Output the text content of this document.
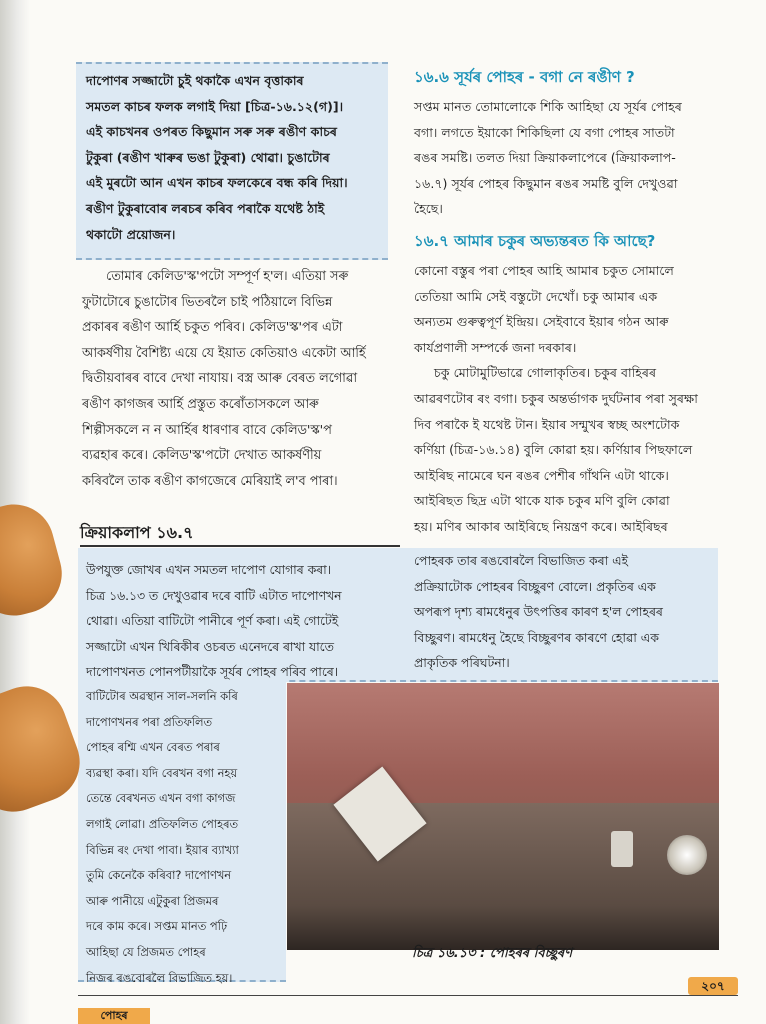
দাপোণৰ সজ্জাটো চুই থকাকৈ এখন বৃত্তাকাৰ

সমতল কাচৰ ফলক লগাই দিয়া [চিত্ৰ-১৬.১২(গ)]।

এই কাচখনৰ ওপৰত কিছুমান সৰু সৰু ৰঙীণ কাচৰ

টুকুৰা (ৰঙীণ খাৰুৰ ভঙা টুকুৰা) থোৱা। চুঙাটোৰ

এই মুৰটো আন এখন কাচৰ ফলকেৰে বন্ধ কৰি দিয়া।

ৰঙীণ টুকুৰাবোৰ লৰচৰ কৰিব পৰাকৈ যথেষ্ট ঠাই

থকাটো প্ৰয়োজন।

তোমাৰ কেলিড'স্ক'পটো সম্পূৰ্ণ হ'ল। এতিয়া সৰু

ফুটাটোৰে চুঙাটোৰ ভিতৰলৈ চাই পঠিয়ালে বিভিন্ন

প্ৰকাৰৰ ৰঙীণ আৰ্হি চকুত পৰিব। কেলিড'স্ক'পৰ এটা

আকৰ্ষণীয় বৈশিষ্ট্য এয়ে যে ইয়াত কেতিয়াও একেটা আৰ্হি

দ্বিতীয়বাৰৰ বাবে দেখা নাযায়। বস্ত্ৰ আৰু বেৰত লগোৱা

ৰঙীণ কাগজৰ আৰ্হি প্ৰস্তুত কৰোঁতাসকলে আৰু

শিল্পীসকলে ন ন আৰ্হিৰ ধাৰণাৰ বাবে কেলিড'স্ক'প

ব্যৱহাৰ কৰে। কেলিড'স্ক'পটো দেখাত আকৰ্ষণীয়

কৰিবলৈ তাক ৰঙীণ কাগজেৰে মেৰিয়াই ল'ব পাৰা।

১৬.৬ সূৰ্যৰ পোহৰ - বগা নে ৰঙীণ ?

সপ্তম মানত তোমালোকে শিকি আহিছা যে সূৰ্যৰ পোহৰ

বগা। লগতে ইয়াকো শিকিছিলা যে বগা পোহৰ সাতটা

ৰঙৰ সমষ্টি। তলত দিয়া ক্ৰিয়াকলাপেৰে (ক্ৰিয়াকলাপ-

১৬.৭) সূৰ্যৰ পোহৰ কিছুমান ৰঙৰ সমষ্টি বুলি দেখুওৱা

হৈছে।

১৬.৭ আমাৰ চকুৰ অভ্যন্তৰত কি আছে?

কোনো বস্তুৰ পৰা পোহৰ আহি আমাৰ চকুত সোমালে

তেতিয়া আমি সেই বস্তুটো দেখোঁ। চকু আমাৰ এক

অন্যতম গুৰুত্বপূৰ্ণ ইন্দ্ৰিয়। সেইবাবে ইয়াৰ গঠন আৰু

কাৰ্যপ্ৰণালী সম্পৰ্কে জনা দৰকাৰ।

চকু মোটামুটিভাৱে গোলাকৃতিৰ। চকুৰ বাহিৰৰ

আৱৰণটোৰ ৰং বগা। চকুৰ অন্তৰ্ভাগক দুৰ্ঘটনাৰ পৰা সুৰক্ষা

দিব পৰাকৈ ই যথেষ্ট টান। ইয়াৰ সন্মুখৰ স্বচ্ছ অংশটোক

কৰ্ণিয়া (চিত্ৰ-১৬.১৪) বুলি কোৱা হয়। কৰ্ণিয়াৰ পিছফালে

আইৰিছ নামেৰে ঘন ৰঙৰ পেশীৰ গাঁথনি এটা থাকে।

আইৰিছত ছিদ্ৰ এটা থাকে যাক চকুৰ মণি বুলি কোৱা

হয়। মণিৰ আকাৰ আইৰিছে নিয়ন্ত্ৰণ কৰে। আইৰিছৰ

ক্ৰিয়াকলাপ ১৬.৭

উপযুক্ত জোখৰ এখন সমতল দাপোণ যোগাৰ কৰা।

চিত্ৰ ১৬.১৩ ত দেখুওৱাৰ দৰে বাটি এটাত দাপোণখন

থোৱা। এতিয়া বাটিটো পানীৰে পূৰ্ণ কৰা। এই গোটেই

সজ্জাটো এখন খিৰিকীৰ ওচৰত এনেদৰে ৰাখা যাতে

দাপোণখনত পোনপটীয়াকৈ সূৰ্যৰ পোহৰ পৰিব পাৰে।

বাটিটোৰ অৱস্থান সাল-সলনি কৰি

দাপোণখনৰ পৰা প্ৰতিফলিত

পোহৰ ৰশ্মি এখন বেৰত পৰাৰ

ব্যৱস্থা কৰা। যদি বেৰখন বগা নহয়

তেন্তে বেৰখনত এখন বগা কাগজ

লগাই লোৱা। প্ৰতিফলিত পোহৰত

বিভিন্ন ৰং দেখা পাবা। ইয়াৰ ব্যাখ্যা

তুমি কেনেকৈ কৰিবা? দাপোণখন

আৰু পানীয়ে এটুকুৰা প্ৰিজমৰ

দৰে কাম কৰে। সপ্তম মানত পঢ়ি

আহিছা যে প্ৰিজমত পোহৰ

নিজৰ ৰঙবোৰলৈ বিভাজিত হয়।

পোহৰক তাৰ ৰঙবোৰলৈ বিভাজিত কৰা এই

প্ৰক্ৰিয়াটোক পোহৰৰ বিচ্ছুৰণ বোলে। প্ৰকৃতিৰ এক

অপৰূপ দৃশ্য ৰামধেনুৰ উৎপত্তিৰ কাৰণ হ'ল পোহৰৰ

বিচ্ছুৰণ। ৰামধেনু হৈছে বিচ্ছুৰণৰ কাৰণে হোৱা এক

প্ৰাকৃতিক পৰিঘটনা।

চিত্ৰ ১৬.১৩ : পোহৰৰ বিচ্ছুৰণ
২০৭
পোহৰ
